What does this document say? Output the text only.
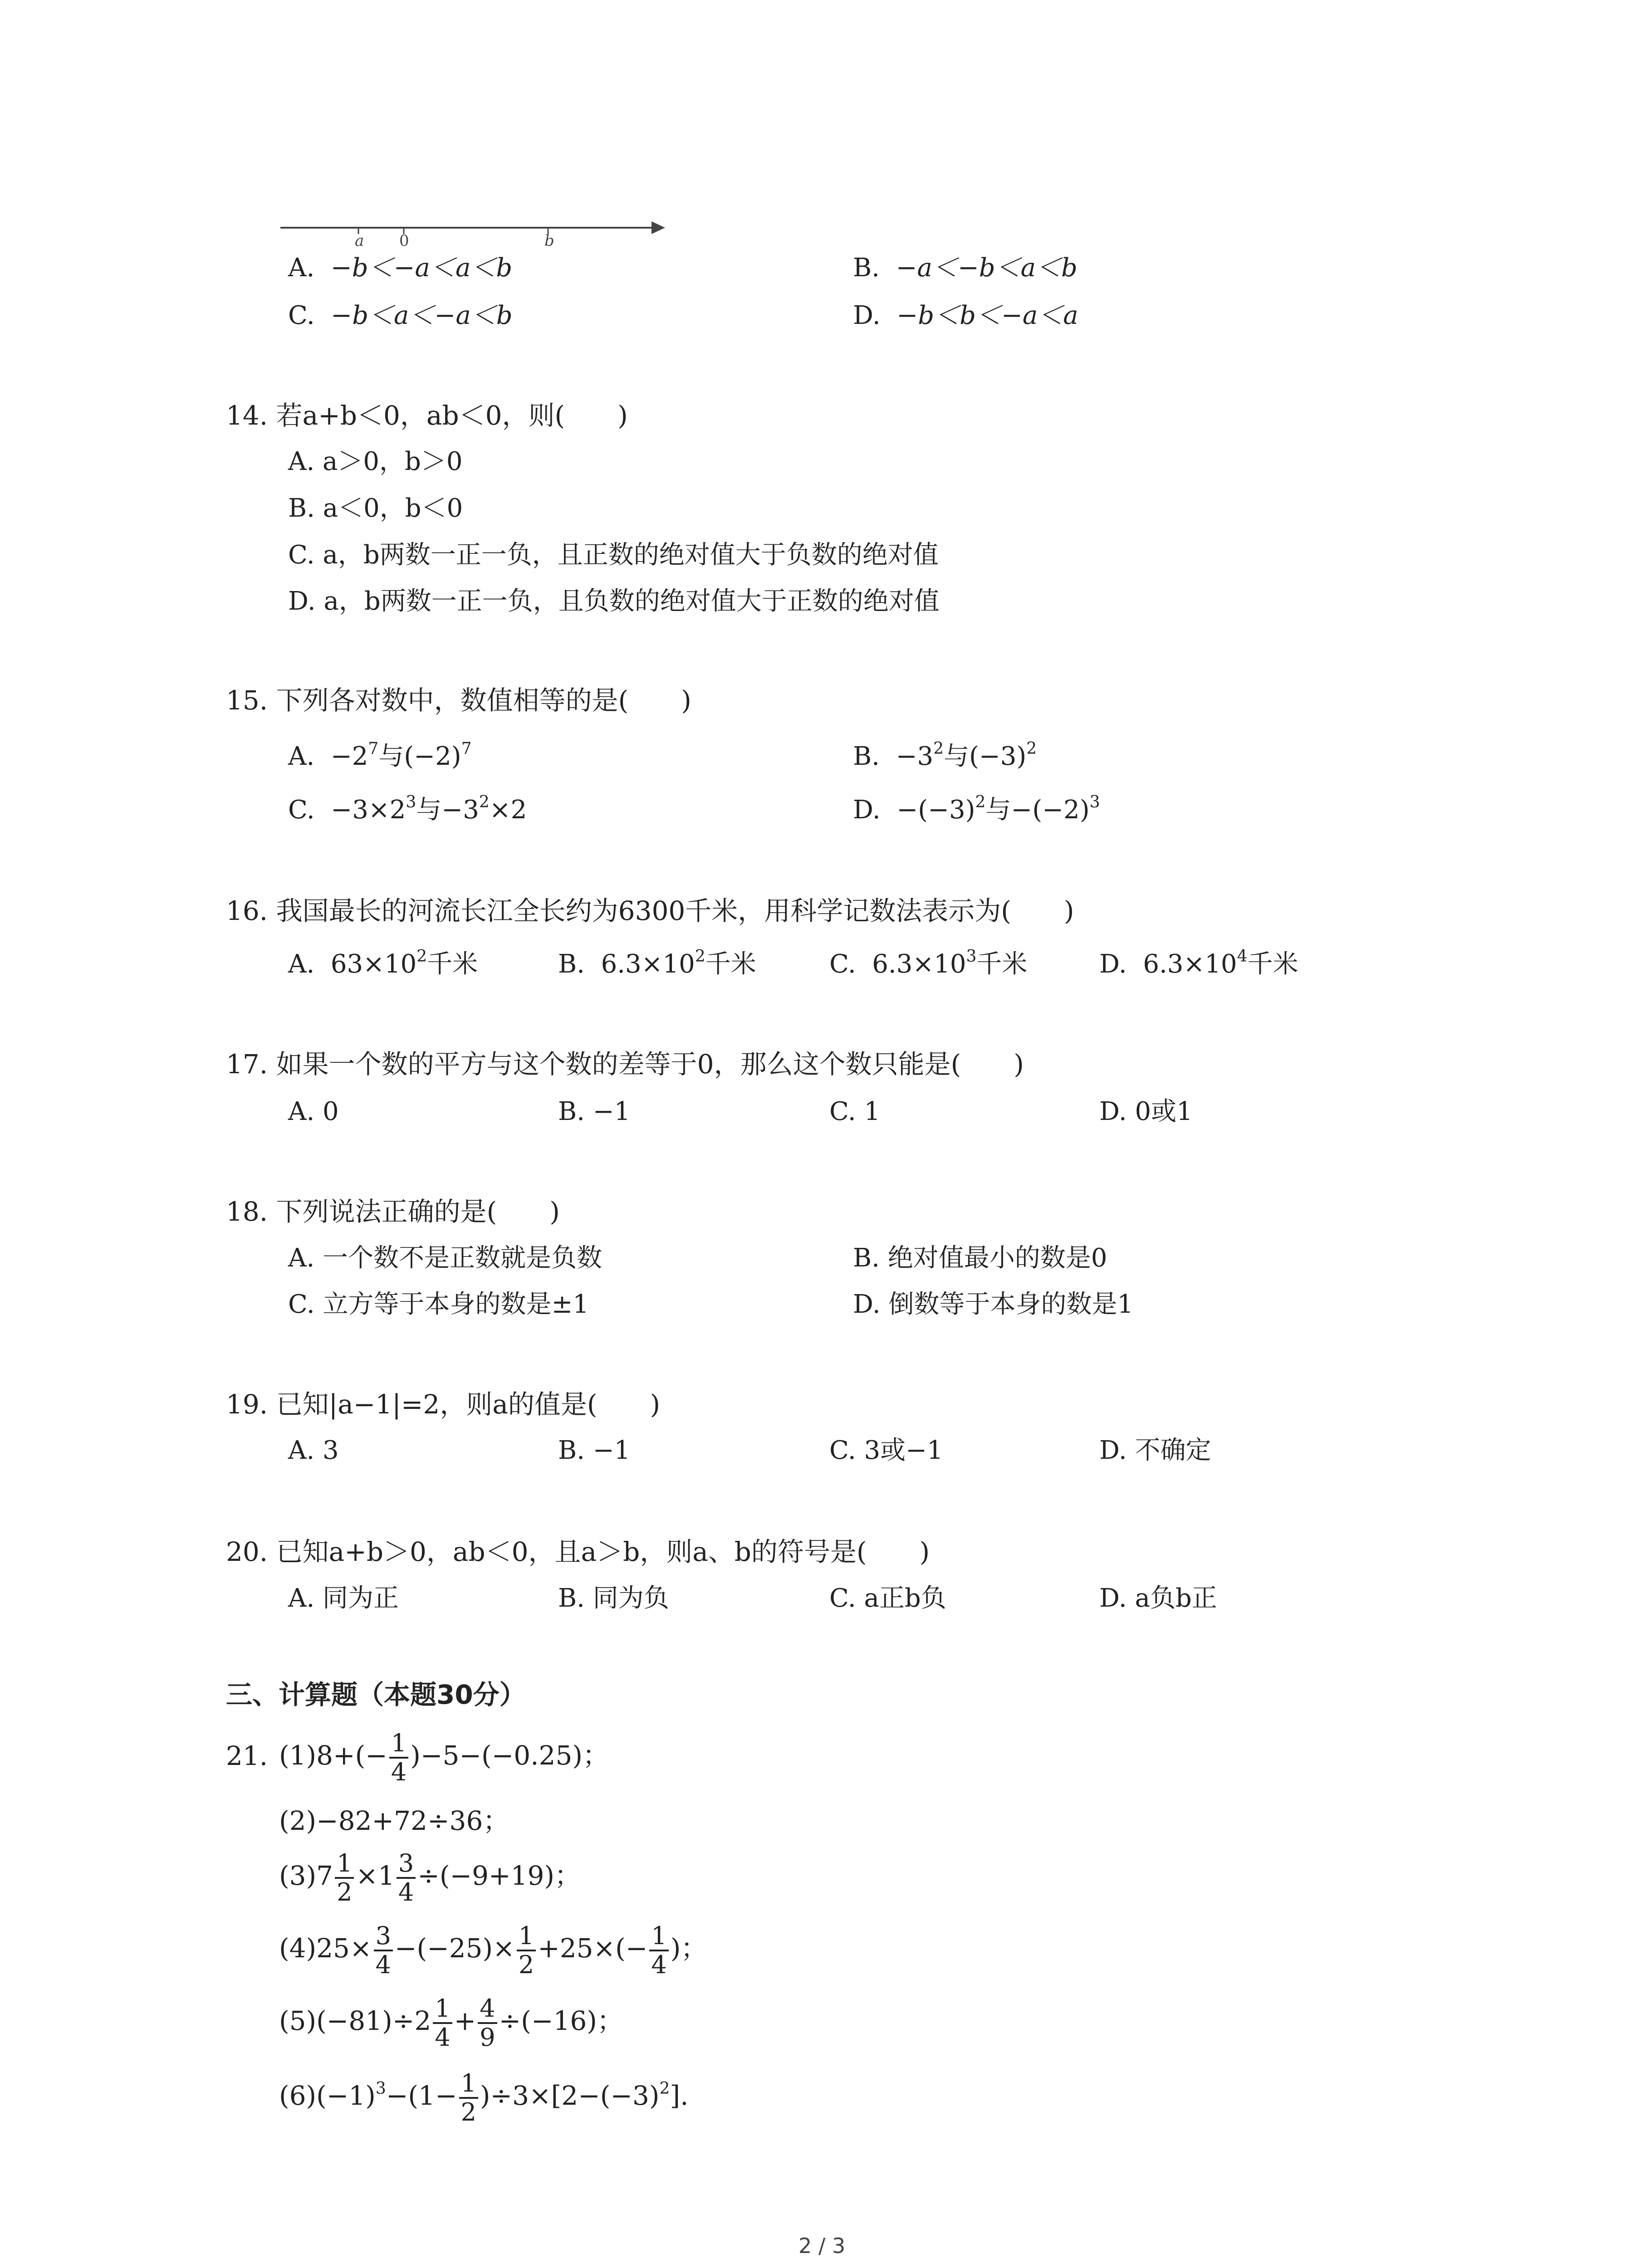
a 0	b
A. −b＜−a＜a＜b	B. −a＜−b＜a＜b
C. −b＜a＜−a＜b	D. −b＜b＜−a＜a
14. 若a+b＜0，ab＜0，则(　　)
A. a＞0，b＞0
B. a＜0，b＜0
C. a，b两数一正一负，且正数的绝对值大于负数的绝对值
D. a，b两数一正一负，且负数的绝对值大于正数的绝对值
15. 下列各对数中，数值相等的是(　　)
A. $-2^7$与$(-2)^7$	B. $-3^2$与$(-3)^2$
C. $-3\times 2^3$与$-3^2\times 2$	D. $-(-3)^2$与$-(-2)^3$
16. 我国最长的河流长江全长约为6300千米，用科学记数法表示为(　　)
A. $63\times 10^2$千米	B. $6.3\times 10^2$千米	C. $6.3\times 10^3$千米	D. $6.3\times 10^4$千米
17. 如果一个数的平方与这个数的差等于0，那么这个数只能是(　　)
A. 0	B. −1	C. 1	D. 0或1
18. 下列说法正确的是(　　)
A. 一个数不是正数就是负数	B. 绝对值最小的数是0
C. 立方等于本身的数是±1	D. 倒数等于本身的数是1
19. 已知|a−1|=2，则a的值是(　　)
A. 3	B. −1	C. 3或−1	D. 不确定
20. 已知a+b＞0，ab＜0，且a＞b，则a、b的符号是(　　)
A. 同为正	B. 同为负	C. a正b负	D. a负b正
三、计算题（本题30分）
21. $(1)8+(- \frac{1}{4} )-5-(-0.25)$；
(2)−82+72÷36；
$(3)7 \frac{1}{2} \times 1 \frac{3}{4} \div(-9+19)$；
$(4)25\times \frac{3}{4} -(-25)\times \frac{1}{2} +25\times(- \frac{1}{4}$ )；
$(5)(-81)\div 2 \frac{1}{4} + \frac{4}{9} \div(-16)$；
$(6)(-1)^3-(1- \frac{1}{2} )\div 3\times[2-(-3)^2]$.
2 / 3
